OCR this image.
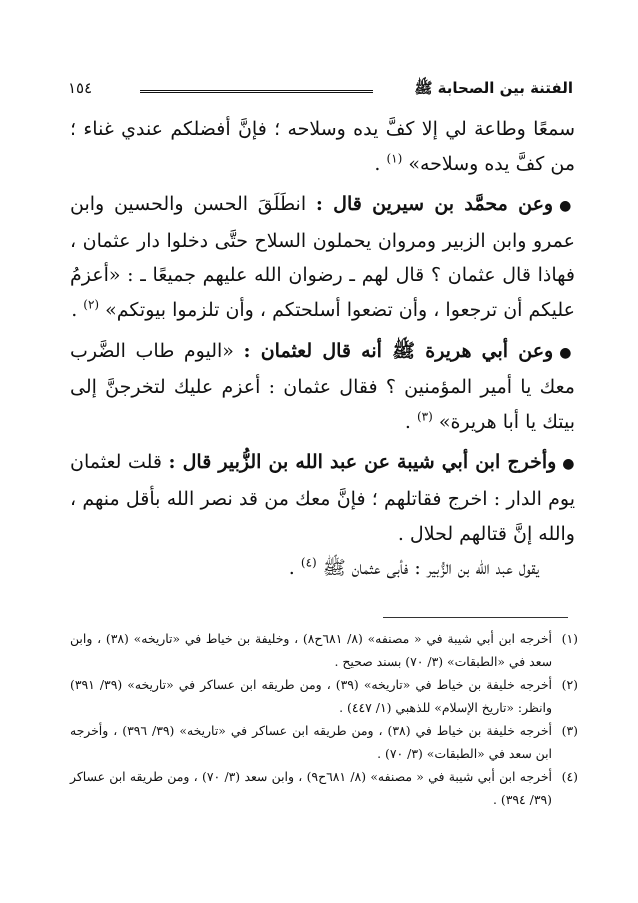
الفتنة بين الصحابة ﷺ
١٥٤

سمعًا وطاعة لي إلا كفَّ يده وسلاحه ؛ فإنَّ أفضلكم عندي غناء ؛ من كفَّ يده وسلاحه» $^{(١)}$ .

●وعن محمَّد بن سيرين قال : انطَلَقَ الحسن والحسين وابن عمرو وابن الزبير ومروان يحملون السلاح حتَّى دخلوا دار عثمان ، فهاذا قال عثمان ؟ قال لهم ـ رضوان الله عليهم جميعًا ـ : «أعزمُ عليكم أن ترجعوا ، وأن تضعوا أسلحتكم ، وأن تلزموا بيوتكم» $^{(٢)}$ .

●وعن أبي هريرة ﷺ أنه قال لعثمان : «اليوم طاب الضَّرب معك يا أمير المؤمنين ؟ فقال عثمان : أعزم عليك لتخرجنَّ إلى بيتك يا أبا هريرة» $^{(٣)}$ .

●وأخرج ابن أبي شيبة عن عبد الله بن الزُّبير قال : قلت لعثمان يوم الدار : اخرج فقاتلهم ؛ فإنَّ معك من قد نصر الله بأقل منهم ، والله إنَّ قتالهم لحلال .

يقول عبد الله بن الزُّبير : فأبى عثمان ﷺ $^{(٤)}$ .

(١)
أخرجه ابن أبي شيبة في « مصنفه» (٨/ ٦٨١ح٨) ، وخليفة بن خياط في «تاريخه» (٣٨) ، وابن سعد في «الطبقات» (٣/ ٧٠) بسند صحيح .

(٢)
أخرجه خليفة بن خياط في «تاريخه» (٣٩) ، ومن طريقه ابن عساكر في «تاريخه» (٣٩/ ٣٩١) وانظر: «تاريخ الإسلام» للذهبي (١/ ٤٤٧) .

(٣)
أخرجه خليفة بن خياط في (٣٨) ، ومن طريقه ابن عساكر في «تاريخه» (٣٩/ ٣٩٦) ، وأخرجه ابن سعد في «الطبقات» (٣/ ٧٠) .

(٤)
أخرجه ابن أبي شيبة في « مصنفه» (٨/ ٦٨١ح٩) ، وابن سعد (٣/ ٧٠) ، ومن طريقه ابن عساكر (٣٩/ ٣٩٤) .
